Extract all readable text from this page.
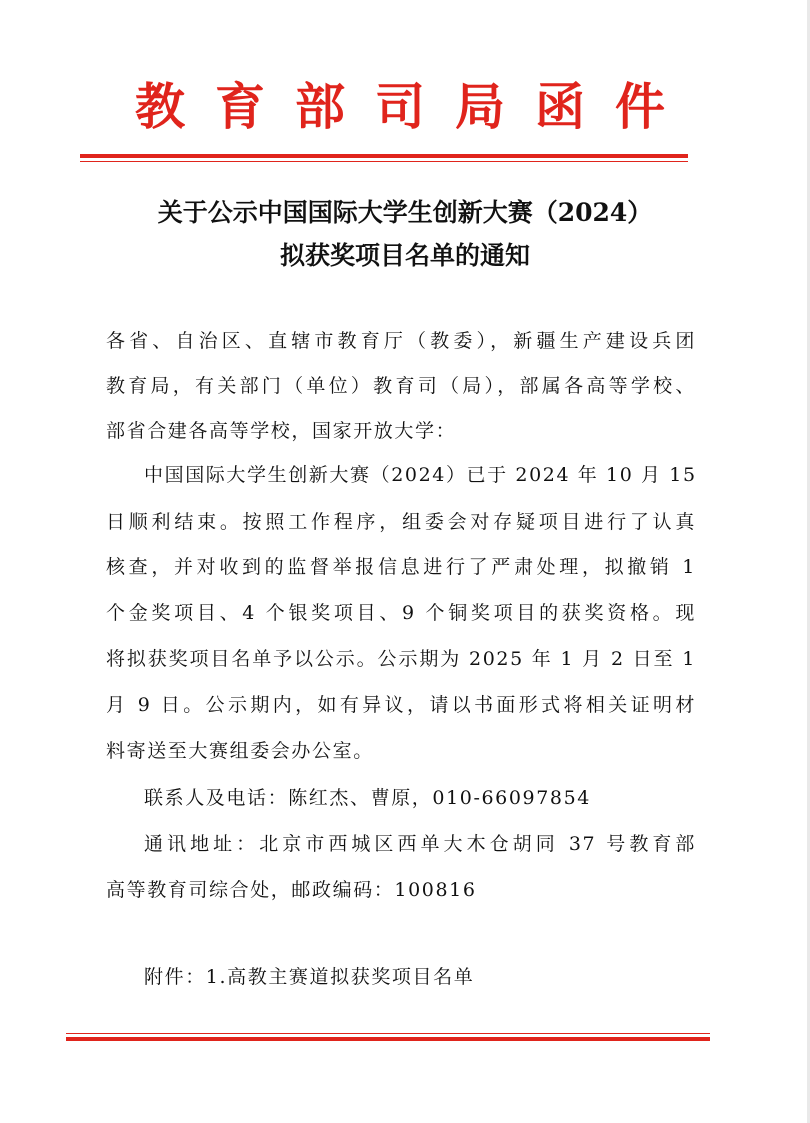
教育部司局函件
关于公示中国国际大学生创新大赛（2024）
拟获奖项目名单的通知
各省、自治区、直辖市教育厅（教委），新疆生产建设兵团
教育局，有关部门（单位）教育司（局），部属各高等学校、
部省合建各高等学校，国家开放大学：
中国国际大学生创新大赛（2024）已于 2024 年 10 月 15
日顺利结束。按照工作程序，组委会对存疑项目进行了认真
核查，并对收到的监督举报信息进行了严肃处理，拟撤销 1
个金奖项目、4 个银奖项目、9 个铜奖项目的获奖资格。现
将拟获奖项目名单予以公示。公示期为 2025 年 1 月 2 日至 1
月 9 日。公示期内，如有异议，请以书面形式将相关证明材
料寄送至大赛组委会办公室。
联系人及电话：陈红杰、曹原，010-66097854
通讯地址：北京市西城区西单大木仓胡同 37 号教育部
高等教育司综合处，邮政编码：100816
附件：1.高教主赛道拟获奖项目名单
